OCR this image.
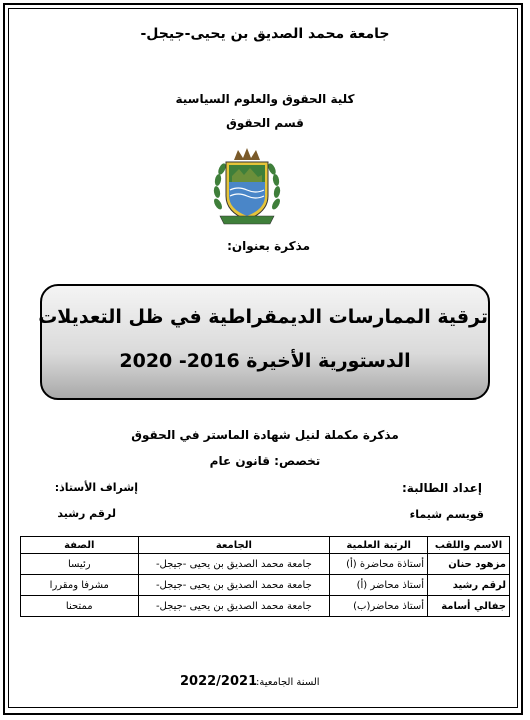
جامعة محمد الصديق بن يحيى-جيجل-
كلية الحقوق والعلوم السياسية
قسم الحقوق
مذكرة بعنوان:
ترقية الممارسات الديمقراطية في ظل التعديلات
الدستورية الأخيرة 2016- 2020
مذكرة مكملة لنيل شهادة الماستر في الحقوق
تخصص: قانون عام
إعداد الطالبة:
إشراف الأستاذ:
قويسم شيماء
لرقم رشيد
الاسم واللقب	الرتبة العلمية	الجامعة	الصفة
مزهود حنان	أستاذة محاضرة (أ)	جامعة محمد الصديق بن يحيى -جيجل-	رئيسا
لرقم رشيد	أستاذ محاضر (أ)	جامعة محمد الصديق بن يحيى -جيجل-	مشرفا ومقررا
جفالي أسامة	أستاذ محاضر(ب)	جامعة محمد الصديق بن يحيى -جيجل-	ممتحنا
السنة الجامعية:
2022/2021
